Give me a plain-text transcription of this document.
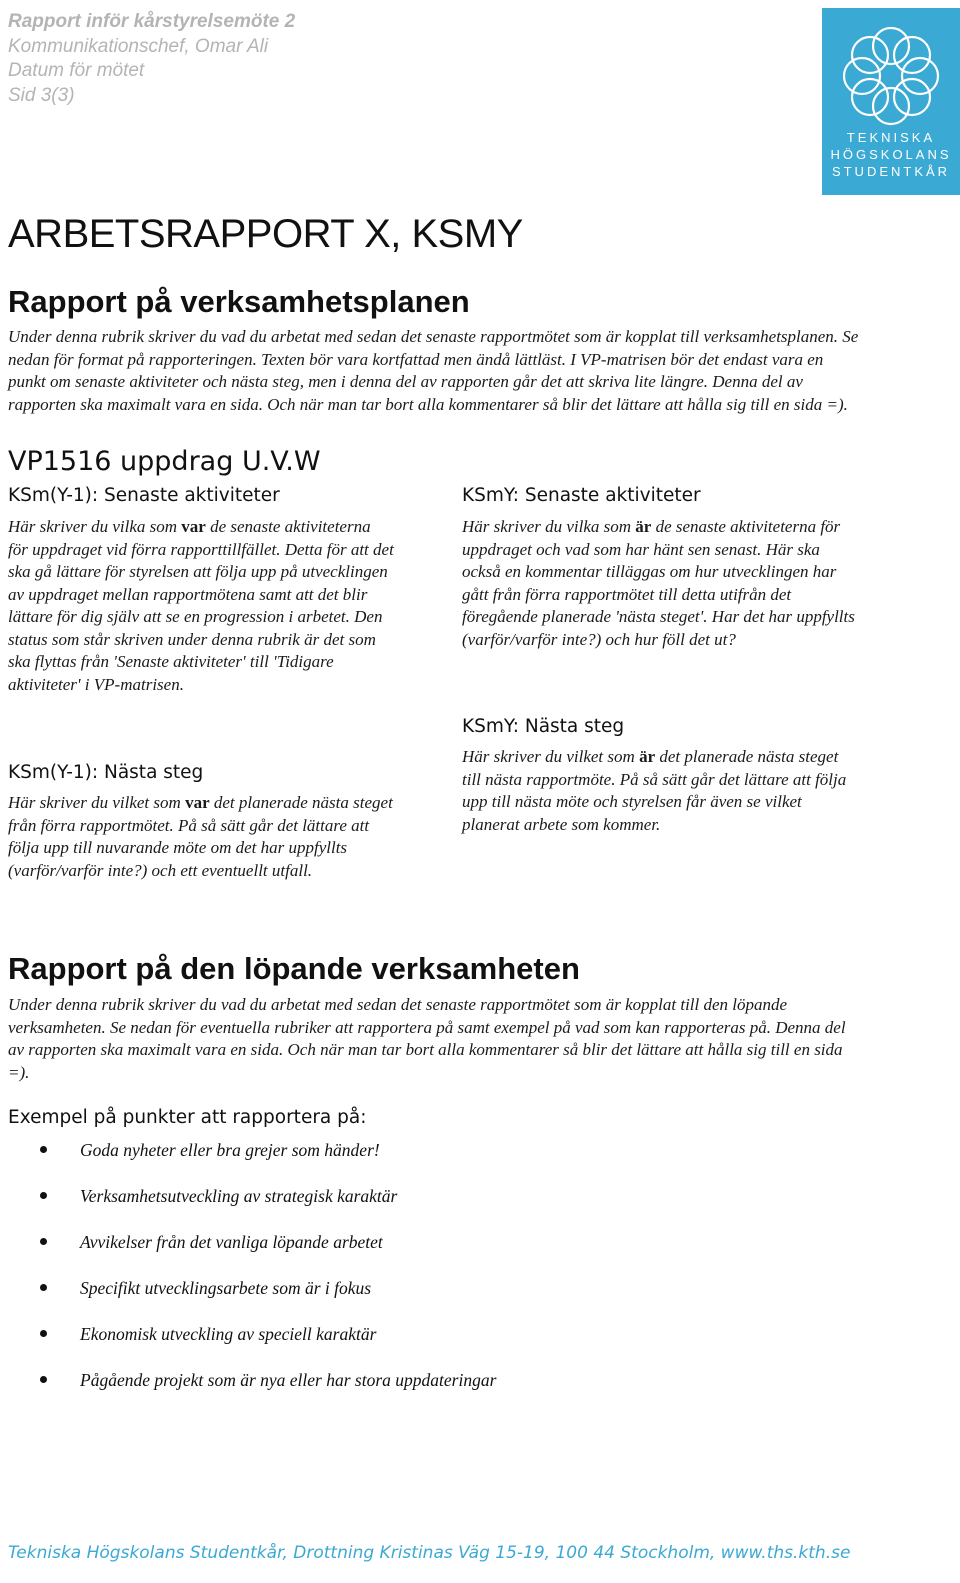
Rapport inför kårstyrelsemöte 2
Kommunikationschef, Omar Ali
Datum för mötet
Sid 3(3)
TEKNISKA
HÖGSKOLANS
STUDENTKÅR
ARBETSRAPPORT X, KSMY
Rapport på verksamhetsplanen
Under denna rubrik skriver du vad du arbetat med sedan det senaste rapportmötet som är kopplat till verksamhetsplanen. Se
nedan för format på rapporteringen. Texten bör vara kortfattad men ändå lättläst. I VP-matrisen bör det endast vara en
punkt om senaste aktiviteter och nästa steg, men i denna del av rapporten går det att skriva lite längre. Denna del av
rapporten ska maximalt vara en sida. Och när man tar bort alla kommentarer så blir det lättare att hålla sig till en sida =).
VP1516 uppdrag U.V.W
KSm(Y-1): Senaste aktiviteter
Här skriver du vilka som var de senaste aktiviteterna
för uppdraget vid förra rapporttillfället. Detta för att det
ska gå lättare för styrelsen att följa upp på utvecklingen
av uppdraget mellan rapportmötena samt att det blir
lättare för dig själv att se en progression i arbetet. Den
status som står skriven under denna rubrik är det som
ska flyttas från 'Senaste aktiviteter' till 'Tidigare
aktiviteter' i VP-matrisen.
KSm(Y-1): Nästa steg
Här skriver du vilket som var det planerade nästa steget
från förra rapportmötet. På så sätt går det lättare att
följa upp till nuvarande möte om det har uppfyllts
(varför/varför inte?) och ett eventuellt utfall.
KSmY: Senaste aktiviteter
Här skriver du vilka som är de senaste aktiviteterna för
uppdraget och vad som har hänt sen senast. Här ska
också en kommentar tilläggas om hur utvecklingen har
gått från förra rapportmötet till detta utifrån det
föregående planerade 'nästa steget'. Har det har uppfyllts
(varför/varför inte?) och hur föll det ut?
KSmY: Nästa steg
Här skriver du vilket som är det planerade nästa steget
till nästa rapportmöte. På så sätt går det lättare att följa
upp till nästa möte och styrelsen får även se vilket
planerat arbete som kommer.
Rapport på den löpande verksamheten
Under denna rubrik skriver du vad du arbetat med sedan det senaste rapportmötet som är kopplat till den löpande
verksamheten. Se nedan för eventuella rubriker att rapportera på samt exempel på vad som kan rapporteras på. Denna del
av rapporten ska maximalt vara en sida. Och när man tar bort alla kommentarer så blir det lättare att hålla sig till en sida
=).
Exempel på punkter att rapportera på:
Goda nyheter eller bra grejer som händer!
Verksamhetsutveckling av strategisk karaktär
Avvikelser från det vanliga löpande arbetet
Specifikt utvecklingsarbete som är i fokus
Ekonomisk utveckling av speciell karaktär
Pågående projekt som är nya eller har stora uppdateringar
Tekniska Högskolans Studentkår, Drottning Kristinas Väg 15-19, 100 44 Stockholm, www.ths.kth.se
